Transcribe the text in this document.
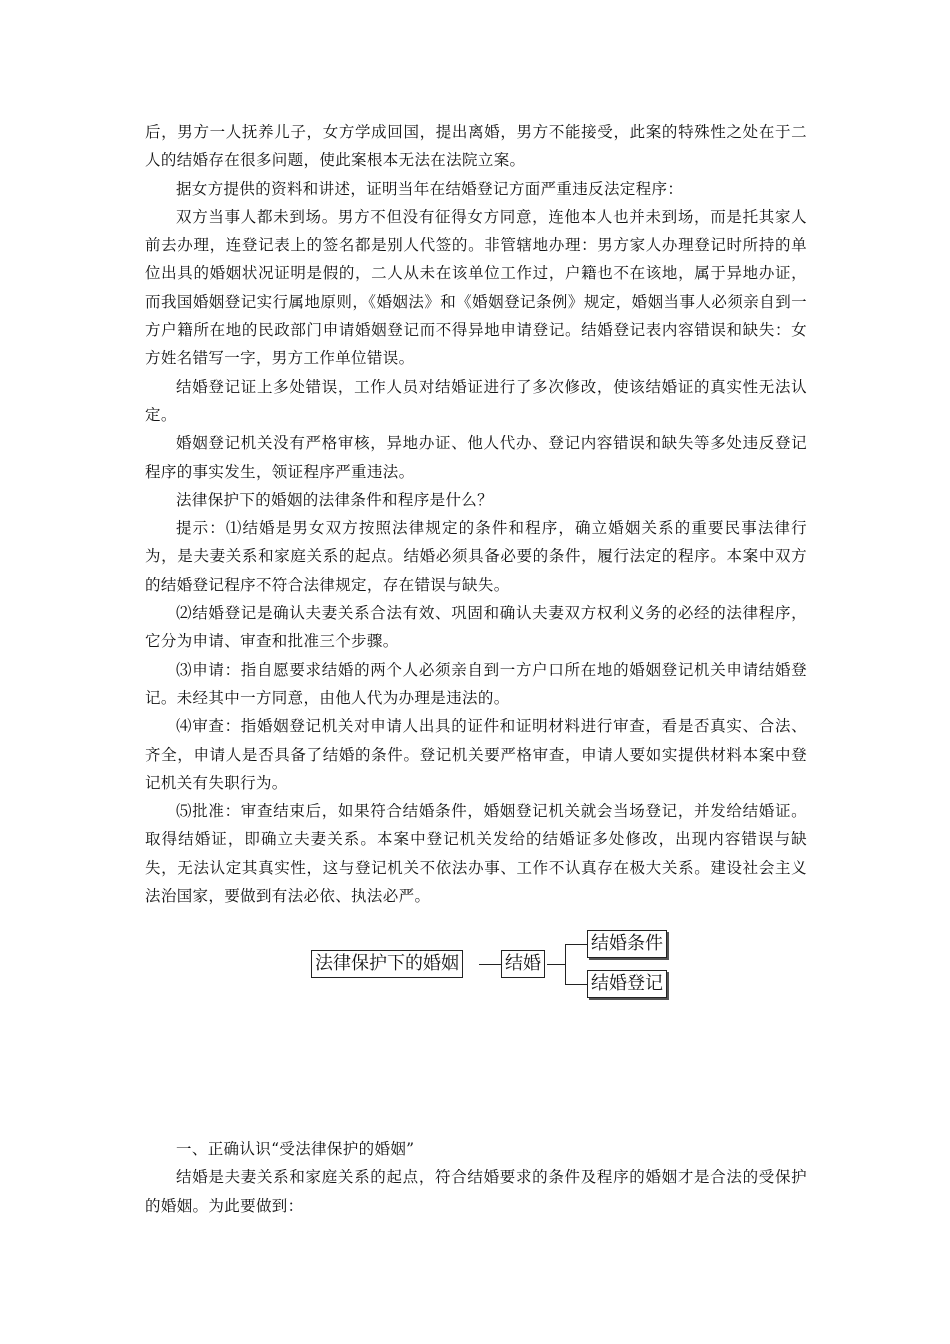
后，男方一人抚养儿子，女方学成回国，提出离婚，男方不能接受，此案的特殊性之处在于二人的结婚存在很多问题，使此案根本无法在法院立案。

据女方提供的资料和讲述，证明当年在结婚登记方面严重违反法定程序：

双方当事人都未到场。男方不但没有征得女方同意，连他本人也并未到场，而是托其家人前去办理，连登记表上的签名都是别人代签的。非管辖地办理：男方家人办理登记时所持的单位出具的婚姻状况证明是假的，二人从未在该单位工作过，户籍也不在该地，属于异地办证，而我国婚姻登记实行属地原则，《婚姻法》和《婚姻登记条例》规定，婚姻当事人必须亲自到一方户籍所在地的民政部门申请婚姻登记而不得异地申请登记。结婚登记表内容错误和缺失：女方姓名错写一字，男方工作单位错误。

结婚登记证上多处错误，工作人员对结婚证进行了多次修改，使该结婚证的真实性无法认定。

婚姻登记机关没有严格审核，异地办证、他人代办、登记内容错误和缺失等多处违反登记程序的事实发生，领证程序严重违法。

法律保护下的婚姻的法律条件和程序是什么？

提示：⑴结婚是男女双方按照法律规定的条件和程序，确立婚姻关系的重要民事法律行为，是夫妻关系和家庭关系的起点。结婚必须具备必要的条件，履行法定的程序。本案中双方的结婚登记程序不符合法律规定，存在错误与缺失。

⑵结婚登记是确认夫妻关系合法有效、巩固和确认夫妻双方权利义务的必经的法律程序，它分为申请、审查和批准三个步骤。

⑶申请：指自愿要求结婚的两个人必须亲自到一方户口所在地的婚姻登记机关申请结婚登记。未经其中一方同意，由他人代为办理是违法的。

⑷审查：指婚姻登记机关对申请人出具的证件和证明材料进行审查，看是否真实、合法、齐全，申请人是否具备了结婚的条件。登记机关要严格审查，申请人要如实提供材料本案中登记机关有失职行为。

⑸批准：审查结束后，如果符合结婚条件，婚姻登记机关就会当场登记，并发给结婚证。取得结婚证，即确立夫妻关系。本案中登记机关发给的结婚证多处修改，出现内容错误与缺失，无法认定其真实性，这与登记机关不依法办事、工作不认真存在极大关系。建设社会主义法治国家，要做到有法必依、执法必严。

法律保护下的婚姻	结婚
结婚条件
结婚登记

一、正确认识“受法律保护的婚姻”

结婚是夫妻关系和家庭关系的起点，符合结婚要求的条件及程序的婚姻才是合法的受保护的婚姻。为此要做到：
